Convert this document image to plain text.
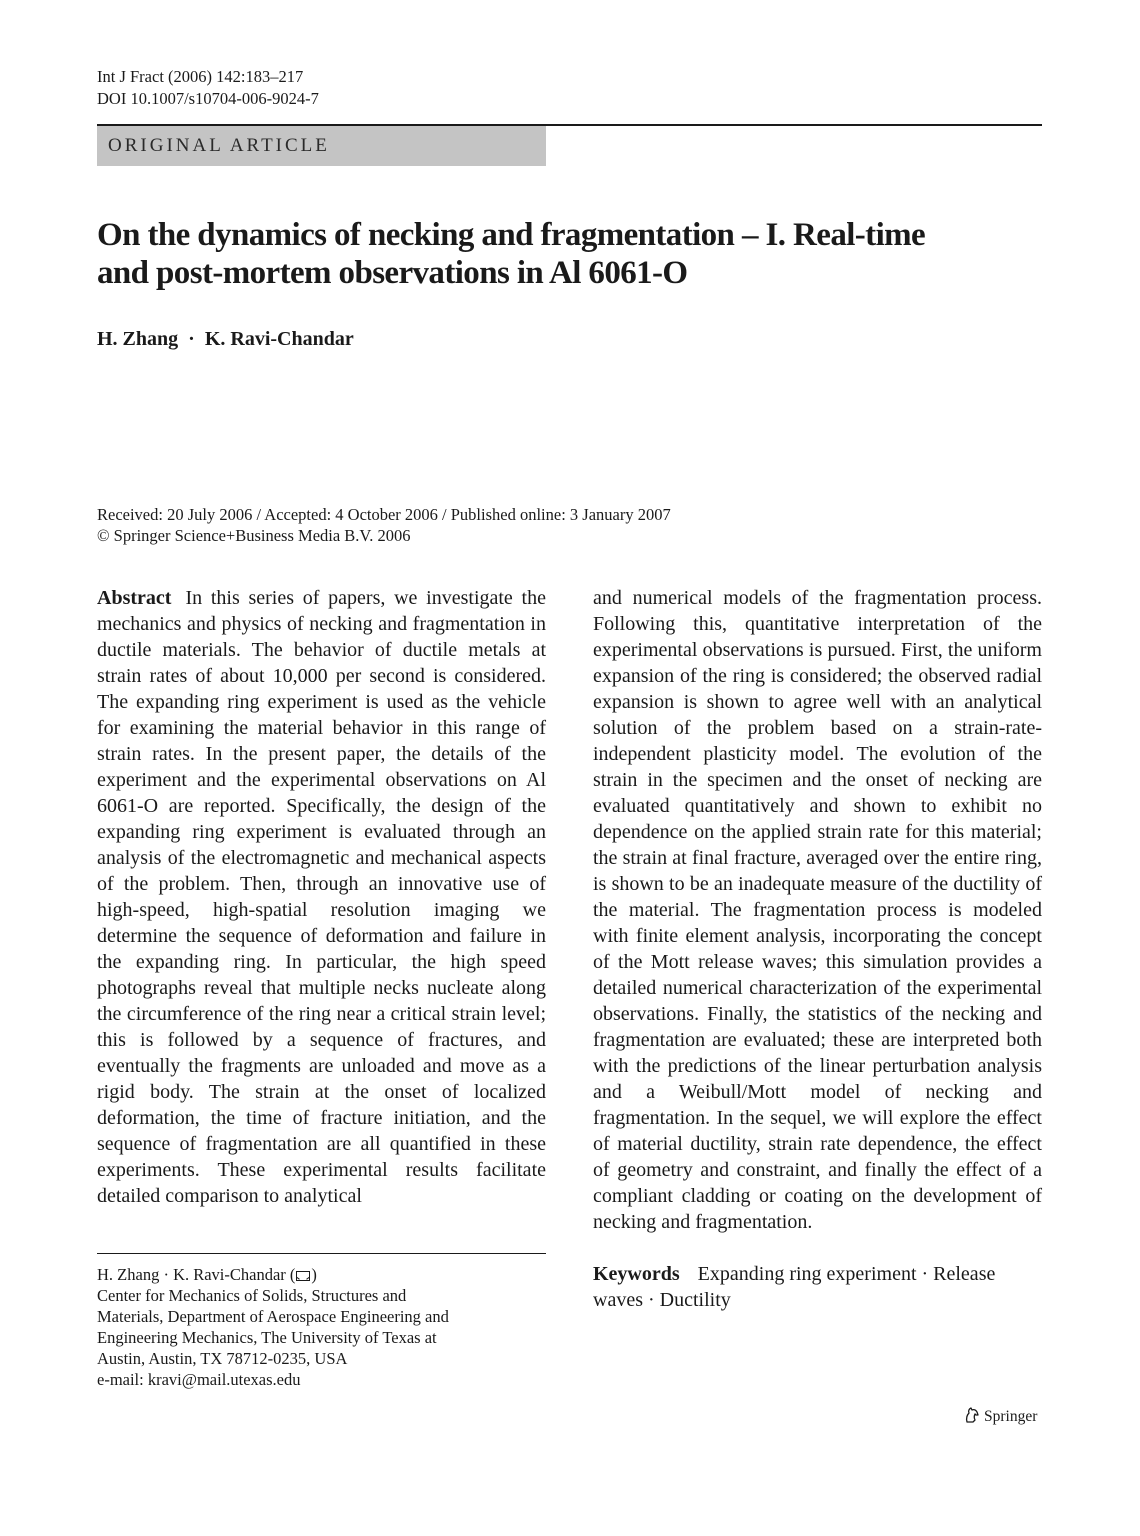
Int J Fract (2006) 142:183–217
DOI 10.1007/s10704-006-9024-7
ORIGINAL ARTICLE
On the dynamics of necking and fragmentation – I. Real-time
and post-mortem observations in Al 6061-O
H. Zhang · K. Ravi-Chandar
Received: 20 July 2006 / Accepted: 4 October 2006 / Published online: 3 January 2007
© Springer Science+Business Media B.V. 2006
Abstract In this series of papers, we investigate the mechanics and physics of necking and fragmentation in ductile materials. The behavior of ductile metals at strain rates of about 10,000 per second is considered. The expanding ring experiment is used as the vehicle for examining the material behavior in this range of strain rates. In the present paper, the details of the experiment and the experimental observations on Al 6061-O are reported. Specifically, the design of the expanding ring experiment is evaluated through an analysis of the electromagnetic and mechanical aspects of the problem. Then, through an innovative use of high-speed, high-spatial resolution imaging we determine the sequence of deformation and failure in the expanding ring. In particular, the high speed photographs reveal that multiple necks nucleate along the circumference of the ring near a critical strain level; this is followed by a sequence of fractures, and eventually the fragments are unloaded and move as a rigid body. The strain at the onset of localized deformation, the time of fracture initiation, and the sequence of fragmentation are all quantified in these experiments. These experimental results facilitate detailed comparison to analytical
and numerical models of the fragmentation process. Following this, quantitative interpretation of the experimental observations is pursued. First, the uniform expansion of the ring is considered; the observed radial expansion is shown to agree well with an analytical solution of the problem based on a strain-rate-independent plasticity model. The evolution of the strain in the specimen and the onset of necking are evaluated quantitatively and shown to exhibit no dependence on the applied strain rate for this material; the strain at final fracture, averaged over the entire ring, is shown to be an inadequate measure of the ductility of the material. The fragmentation process is modeled with finite element analysis, incorporating the concept of the Mott release waves; this simulation provides a detailed numerical characterization of the experimental observations. Finally, the statistics of the necking and fragmentation are evaluated; these are interpreted both with the predictions of the linear perturbation analysis and a Weibull/Mott model of necking and fragmentation. In the sequel, we will explore the effect of material ductility, strain rate dependence, the effect of geometry and constraint, and finally the effect of a compliant cladding or coating on the development of necking and fragmentation.
Keywords Expanding ring experiment · Release waves · Ductility
H. Zhang · K. Ravi-Chandar ( )
Center for Mechanics of Solids, Structures and
Materials, Department of Aerospace Engineering and
Engineering Mechanics, The University of Texas at
Austin, Austin, TX 78712-0235, USA
e-mail: kravi@mail.utexas.edu
Springer
